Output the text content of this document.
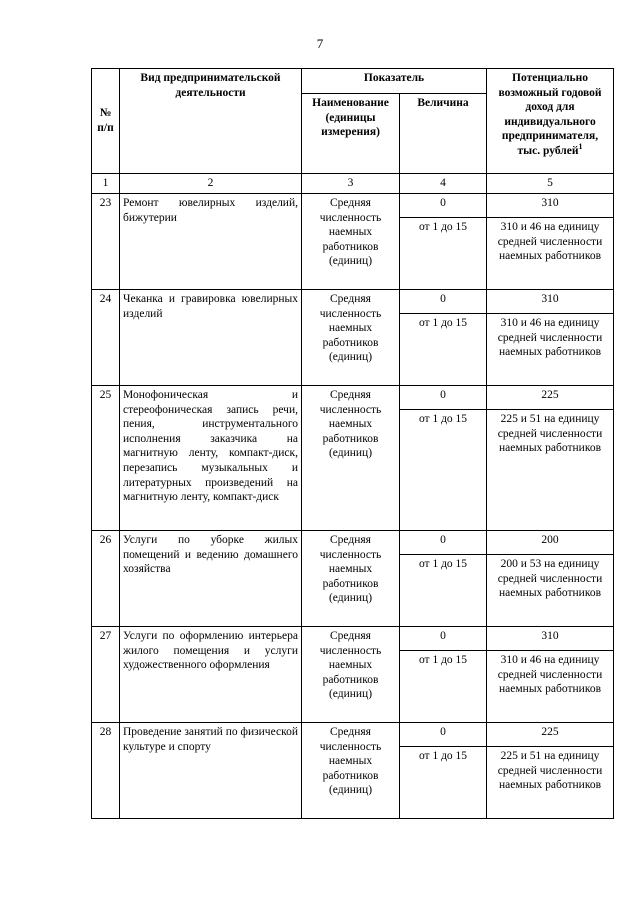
7
№ п/п	Вид предпринимательской деятельности	Показатель		Потенциально возможный годовой доход для индивидуального предпринимателя, тыс. рублей$^1$
		Наименование (единицы измерения)	Величина	
1	2	3	4	5
23	Ремонт ювелирных изделий, бижутерии	Средняя численность наемных работников (единиц)	0	310
			от 1 до 15	310 и 46 на единицу средней численности наемных работников
24	Чеканка и гравировка ювелирных изделий	Средняя численность наемных работников (единиц)	0	310
			от 1 до 15	310 и 46 на единицу средней численности наемных работников
25	Монофоническая и стереофоническая запись речи, пения, инструментального исполнения заказчика на магнитную ленту, компакт-диск, перезапись музыкальных и литературных произведений на магнитную ленту, компакт-диск	Средняя численность наемных работников (единиц)	0	225
			от 1 до 15	225 и 51 на единицу средней численности наемных работников
26	Услуги по уборке жилых помещений и ведению домашнего хозяйства	Средняя численность наемных работников (единиц)	0	200
			от 1 до 15	200 и 53 на единицу средней численности наемных работников
27	Услуги по оформлению интерьера жилого помещения и услуги художественного оформления	Средняя численность наемных работников (единиц)	0	310
			от 1 до 15	310 и 46 на единицу средней численности наемных работников
28	Проведение занятий по физической культуре и спорту	Средняя численность наемных работников (единиц)	0	225
			от 1 до 15	225 и 51 на единицу средней численности наемных работников
